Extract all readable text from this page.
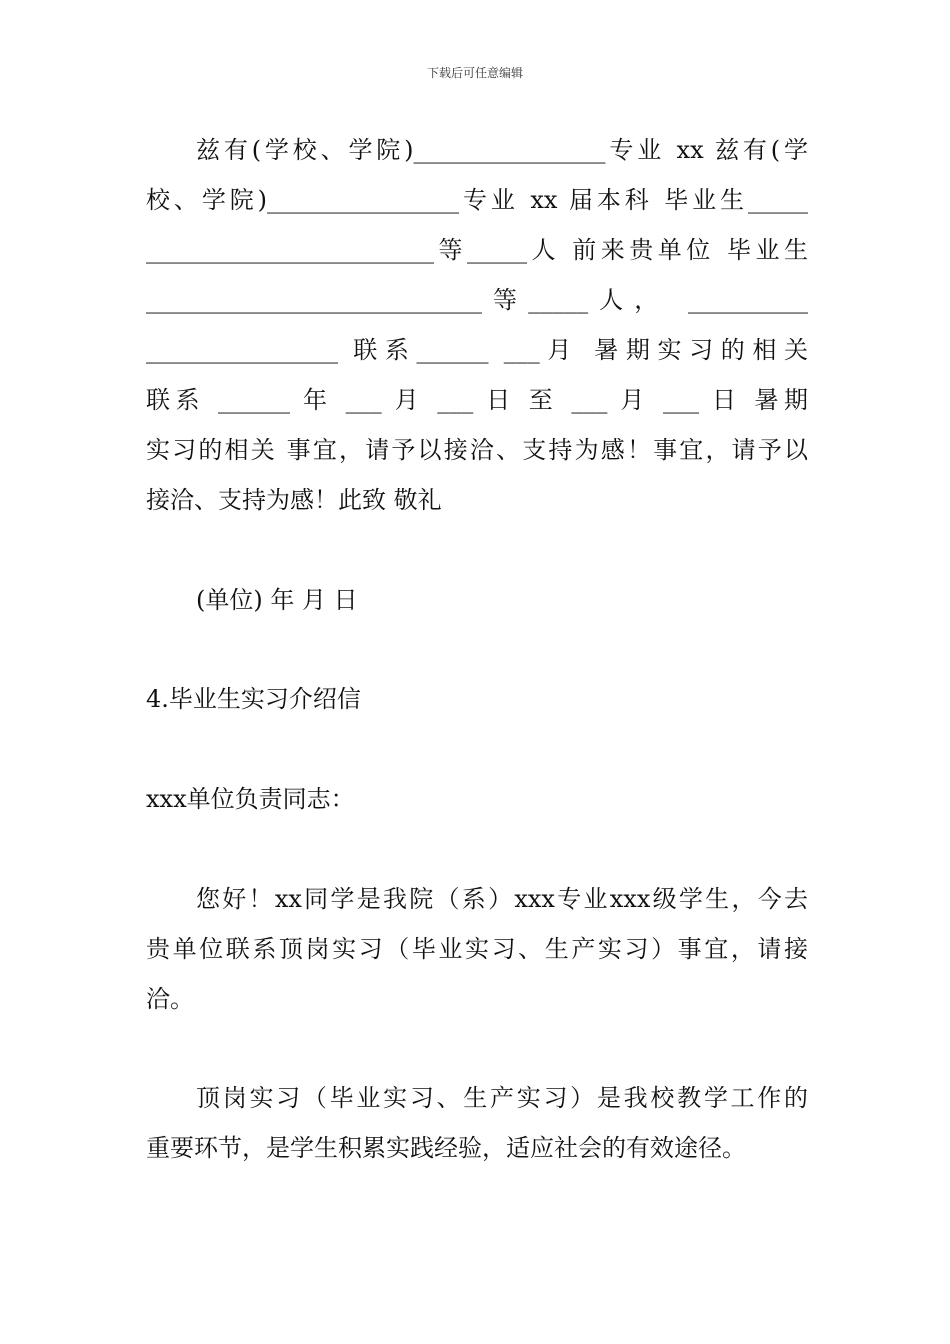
下载后可任意编辑
兹有(学校、学院)________________专业 xx 兹有(学
校、学院)________________专业 xx 届本科 毕业生_____
________________________等_____人 前来贵单位 毕业生
____________________________等_____人， __________
________________ 联系______ ___月 暑期实习的相关
联系 ______ 年 ___ 月 ___ 日 至 ___ 月 ___ 日 暑期
实习的相关 事宜，请予以接洽、支持为感！事宜，请予以
接洽、支持为感！此致 敬礼
(单位) 年 月 日
4.毕业生实习介绍信
xxx单位负责同志：
您好！xx同学是我院（系）xxx专业xxx级学生，今去
贵单位联系顶岗实习（毕业实习、生产实习）事宜，请接
洽。
顶岗实习（毕业实习、生产实习）是我校教学工作的
重要环节，是学生积累实践经验，适应社会的有效途径。
